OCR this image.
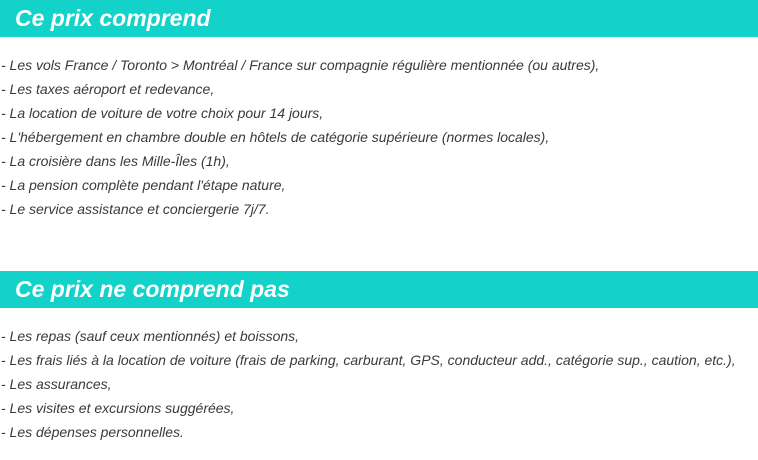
Ce prix comprend
- Les vols France / Toronto > Montréal / France sur compagnie régulière mentionnée (ou autres),
- Les taxes aéroport et redevance,
- La location de voiture de votre choix pour 14 jours,
- L'hébergement en chambre double en hôtels de catégorie supérieure (normes locales),
- La croisière dans les Mille-Îles (1h),
- La pension complète pendant l'étape nature,
- Le service assistance et conciergerie 7j/7.
Ce prix ne comprend pas
- Les repas (sauf ceux mentionnés) et boissons,
- Les frais liés à la location de voiture (frais de parking, carburant, GPS, conducteur add., catégorie sup., caution, etc.),
- Les assurances,
- Les visites et excursions suggérées,
- Les dépenses personnelles.
